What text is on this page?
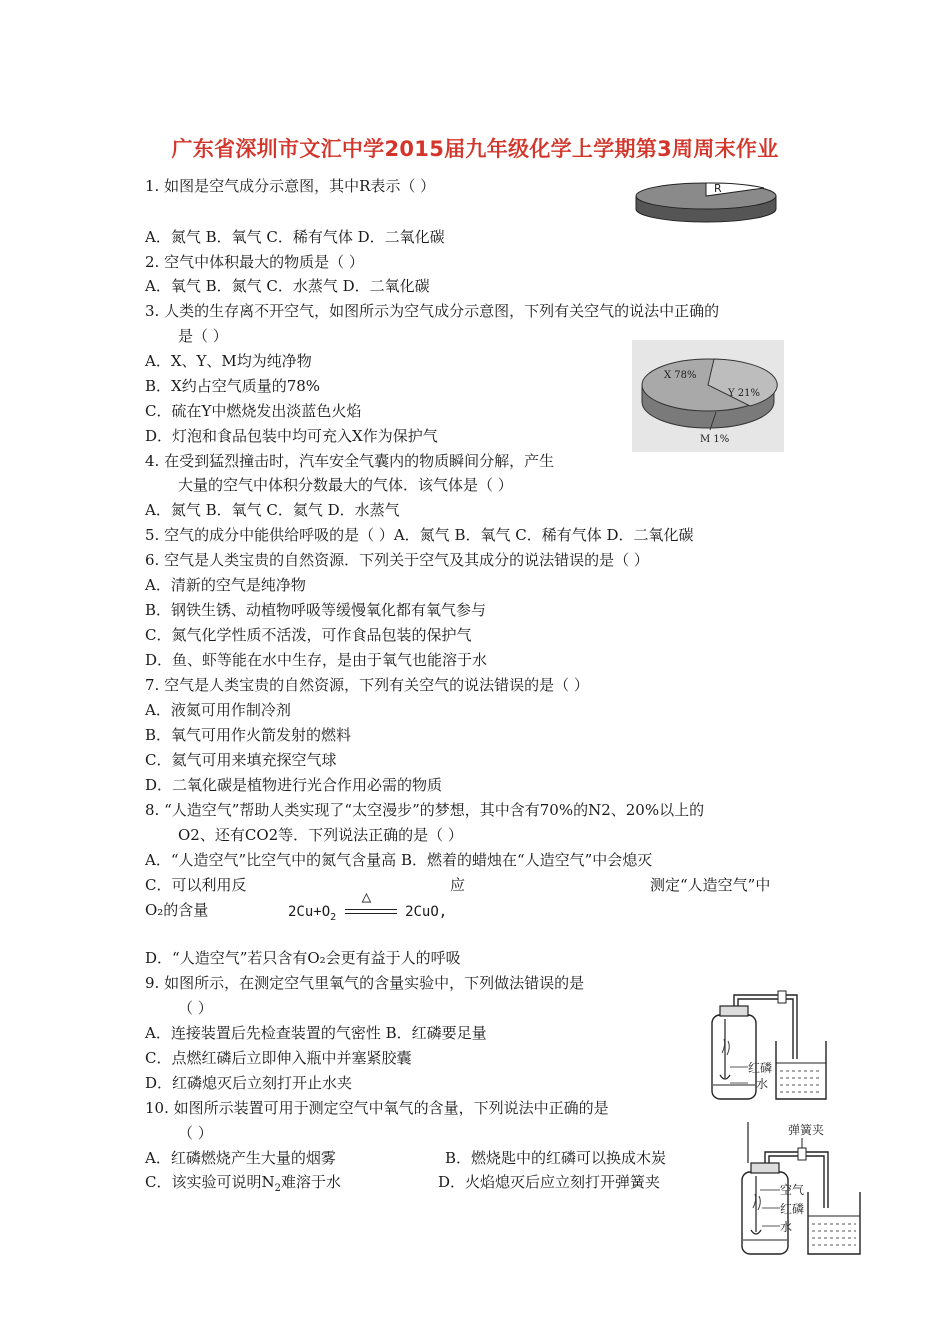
广东省深圳市文汇中学2015届九年级化学上学期第3周周末作业
1. 如图是空气成分示意图，其中R表示（ ）
A．氮气 B．氧气 C．稀有气体 D．二氧化碳
2. 空气中体积最大的物质是（ ）
A．氧气 B．氮气 C．水蒸气 D．二氧化碳
3. 人类的生存离不开空气，如图所示为空气成分示意图，下列有关空气的说法中正确的
是（ ）
A．X、Y、M均为纯净物
B．X约占空气质量的78%
C．硫在Y中燃烧发出淡蓝色火焰
D．灯泡和食品包装中均可充入X作为保护气
4. 在受到猛烈撞击时，汽车安全气囊内的物质瞬间分解，产生
大量的空气中体积分数最大的气体．该气体是（ ）
A．氮气 B．氧气 C．氦气 D．水蒸气
5. 空气的成分中能供给呼吸的是（ ）A．氮气 B．氧气 C．稀有气体 D．二氧化碳
6. 空气是人类宝贵的自然资源．下列关于空气及其成分的说法错误的是（ ）
A．清新的空气是纯净物
B．钢铁生锈、动植物呼吸等缓慢氧化都有氧气参与
C．氮气化学性质不活泼，可作食品包装的保护气
D．鱼、虾等能在水中生存，是由于氧气也能溶于水
7. 空气是人类宝贵的自然资源，下列有关空气的说法错误的是（ ）
A．液氮可用作制冷剂
B．氧气可用作火箭发射的燃料
C．氦气可用来填充探空气球
D．二氧化碳是植物进行光合作用必需的物质
8. “人造空气”帮助人类实现了“太空漫步”的梦想，其中含有70%的N2、20%以上的
O2、还有CO2等．下列说法正确的是（ ）
A．“人造空气”比空气中的氮气含量高 B．燃着的蜡烛在“人造空气”中会熄灭
C．可以利用反	应	测定“人造空气”中
O₂的含量	$2Cu+O_2$
△
2CuO,
D．“人造空气”若只含有O₂会更有益于人的呼吸
9. 如图所示，在测定空气里氧气的含量实验中，下列做法错误的是
（ ）
A．连接装置后先检查装置的气密性 B．红磷要足量
C．点燃红磷后立即伸入瓶中并塞紧胶囊
D．红磷熄灭后立刻打开止水夹
10. 如图所示装置可用于测定空气中氧气的含量，下列说法中正确的是
（ ）
A．红磷燃烧产生大量的烟雾	B．燃烧匙中的红磷可以换成木炭
C．该实验可说明$N_2$难溶于水	D．火焰熄灭后应立刻打开弹簧夹
R
X 78%
Y 21%
M 1%
红磷
水
弹簧夹
空气
红磷
水
